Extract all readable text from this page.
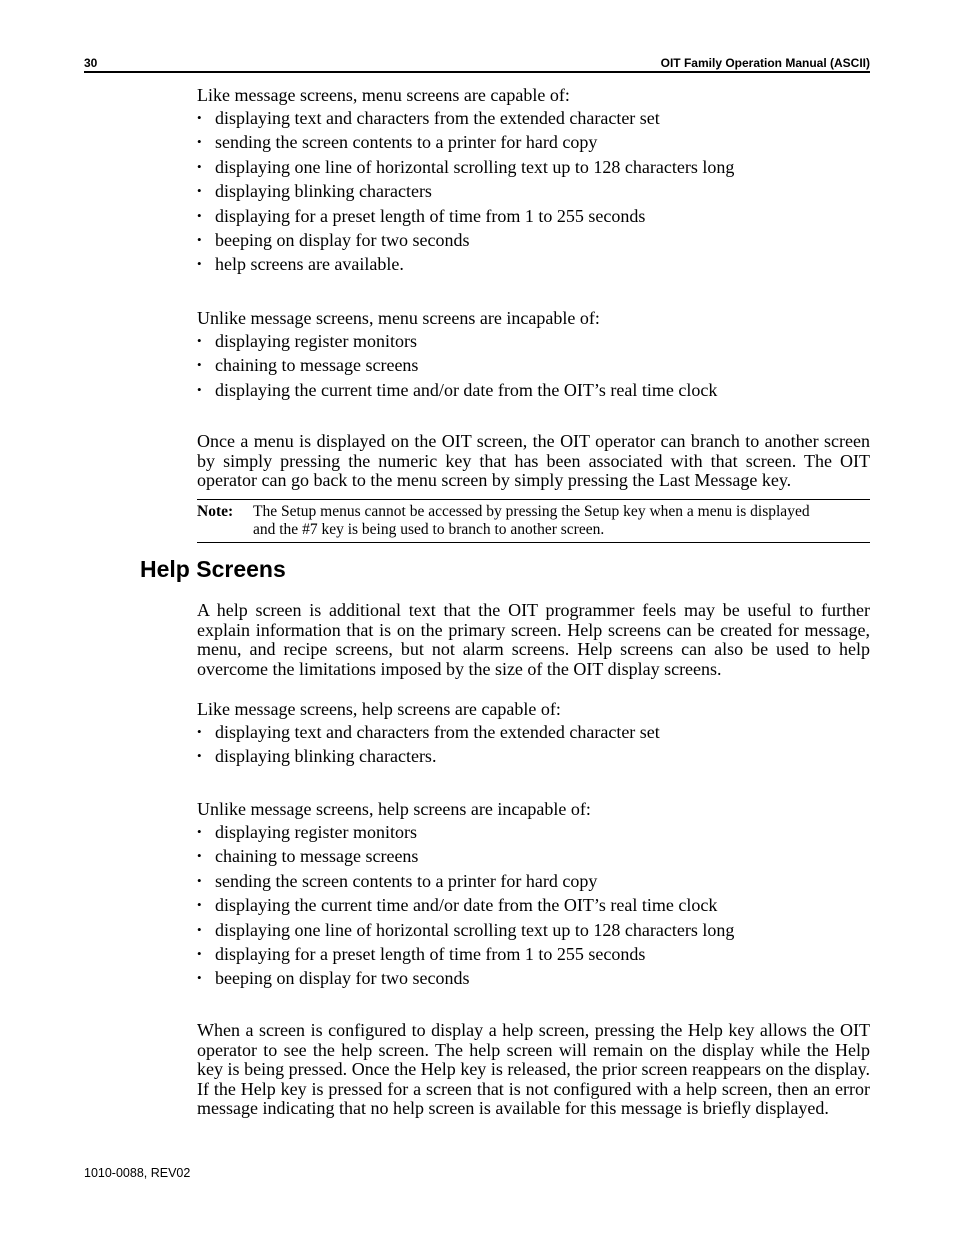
30	OIT Family Operation Manual (ASCII)

Like message screens, menu screens are capable of:

• displaying text and characters from the extended character set
• sending the screen contents to a printer for hard copy
• displaying one line of horizontal scrolling text up to 128 characters long
• displaying blinking characters
• displaying for a preset length of time from 1 to 255 seconds
• beeping on display for two seconds
• help screens are available.

Unlike message screens, menu screens are incapable of:

• displaying register monitors
• chaining to message screens
• displaying the current time and/or date from the OIT’s real time clock

Once a menu is displayed on the OIT screen, the OIT operator can branch to another screen by simply pressing the numeric key that has been associated with that screen. The OIT operator can go back to the menu screen by simply pressing the Last Message key.

Note: The Setup menus cannot be accessed by pressing the Setup key when a menu is displayed and the #7 key is being used to branch to another screen.
Help Screens

A help screen is additional text that the OIT programmer feels may be useful to further explain information that is on the primary screen. Help screens can be created for message, menu, and recipe screens, but not alarm screens. Help screens can also be used to help overcome the limitations imposed by the size of the OIT display screens.

Like message screens, help screens are capable of:

• displaying text and characters from the extended character set
• displaying blinking characters.

Unlike message screens, help screens are incapable of:

• displaying register monitors
• chaining to message screens
• sending the screen contents to a printer for hard copy
• displaying the current time and/or date from the OIT’s real time clock
• displaying one line of horizontal scrolling text up to 128 characters long
• displaying for a preset length of time from 1 to 255 seconds
• beeping on display for two seconds

When a screen is configured to display a help screen, pressing the Help key allows the OIT operator to see the help screen. The help screen will remain on the display while the Help key is being pressed. Once the Help key is released, the prior screen reappears on the display. If the Help key is pressed for a screen that is not configured with a help screen, then an error message indicating that no help screen is available for this message is briefly displayed.

1010-0088, REV02
